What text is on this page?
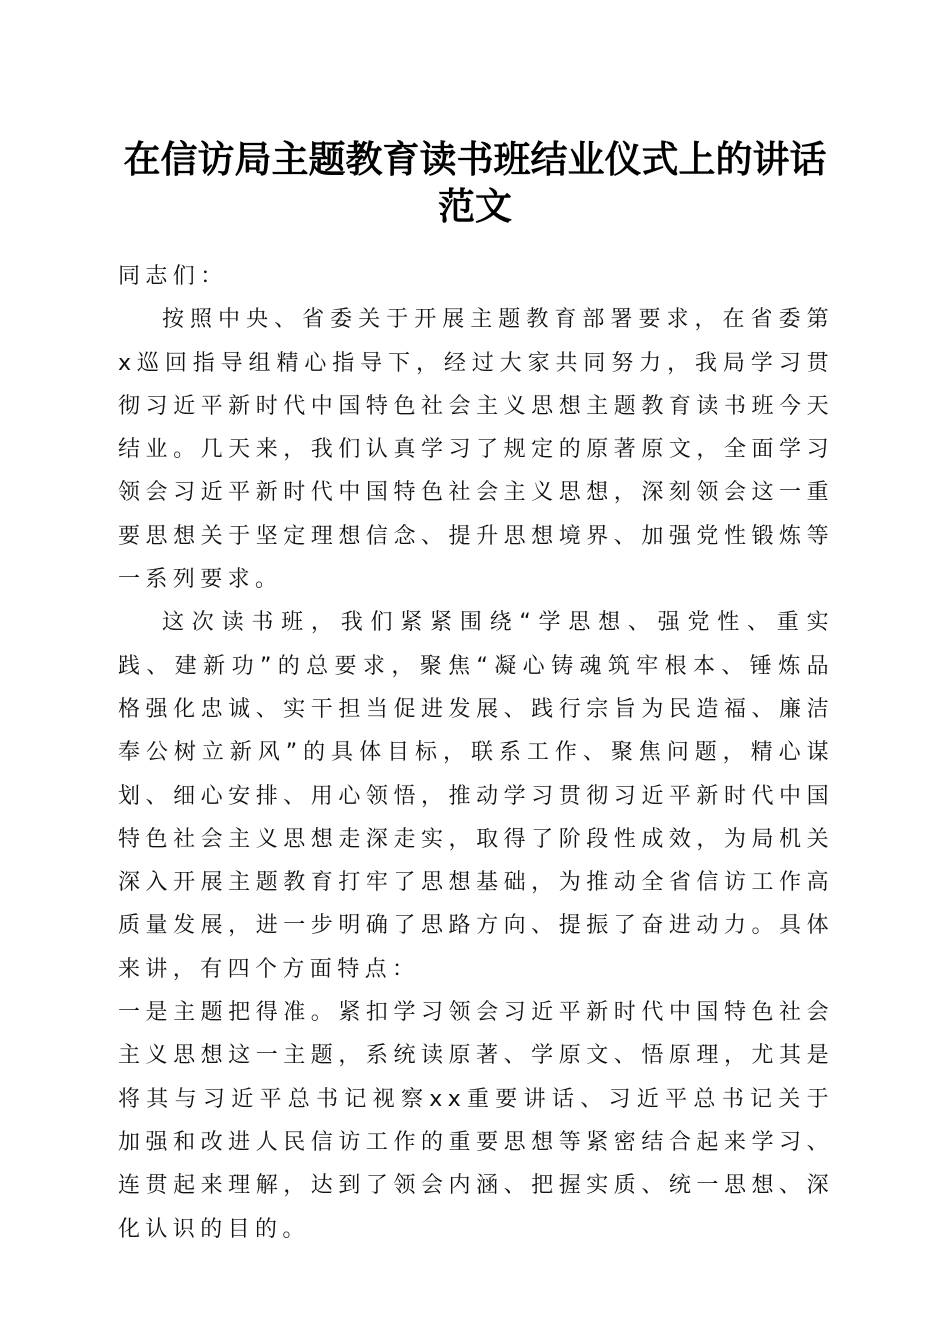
在信访局主题教育读书班结业仪式上的讲话范文

同志们：

按照中央、省委关于开展主题教育部署要求，在省委第x巡回指导组精心指导下，经过大家共同努力，我局学习贯彻习近平新时代中国特色社会主义思想主题教育读书班今天结业。几天来，我们认真学习了规定的原著原文，全面学习领会习近平新时代中国特色社会主义思想，深刻领会这一重要思想关于坚定理想信念、提升思想境界、加强党性锻炼等一系列要求。

这次读书班，我们紧紧围绕“学思想、强党性、重实践、建新功”的总要求，聚焦“凝心铸魂筑牢根本、锤炼品格强化忠诚、实干担当促进发展、践行宗旨为民造福、廉洁奉公树立新风”的具体目标，联系工作、聚焦问题，精心谋划、细心安排、用心领悟，推动学习贯彻习近平新时代中国特色社会主义思想走深走实，取得了阶段性成效，为局机关深入开展主题教育打牢了思想基础，为推动全省信访工作高质量发展，进一步明确了思路方向、提振了奋进动力。具体来讲，有四个方面特点：

一是主题把得准。紧扣学习领会习近平新时代中国特色社会主义思想这一主题，系统读原著、学原文、悟原理，尤其是将其与习近平总书记视察xx重要讲话、习近平总书记关于加强和改进人民信访工作的重要思想等紧密结合起来学习、连贯起来理解，达到了领会内涵、把握实质、统一思想、深化认识的目的。
